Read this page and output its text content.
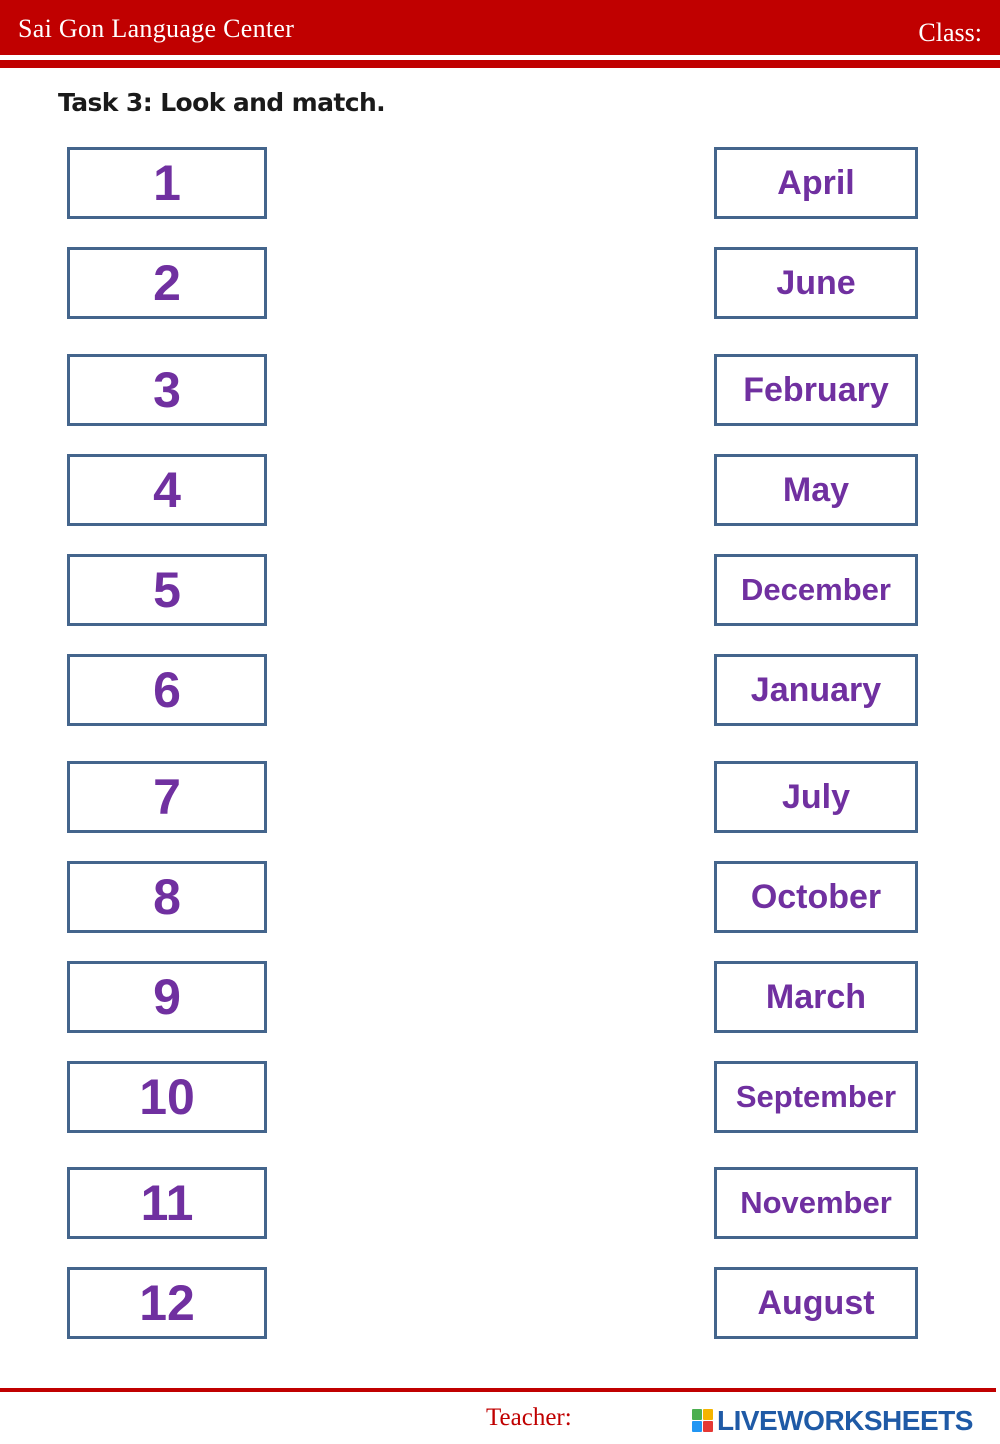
Sai Gon Language Center	Class:
Task 3: Look and match.
1
2
3
4
5
6
7
8
9
10
11
12
April
June
February
May
December
January
July
October
March
September
November
August
Teacher:	LIVEWORKSHEETS
